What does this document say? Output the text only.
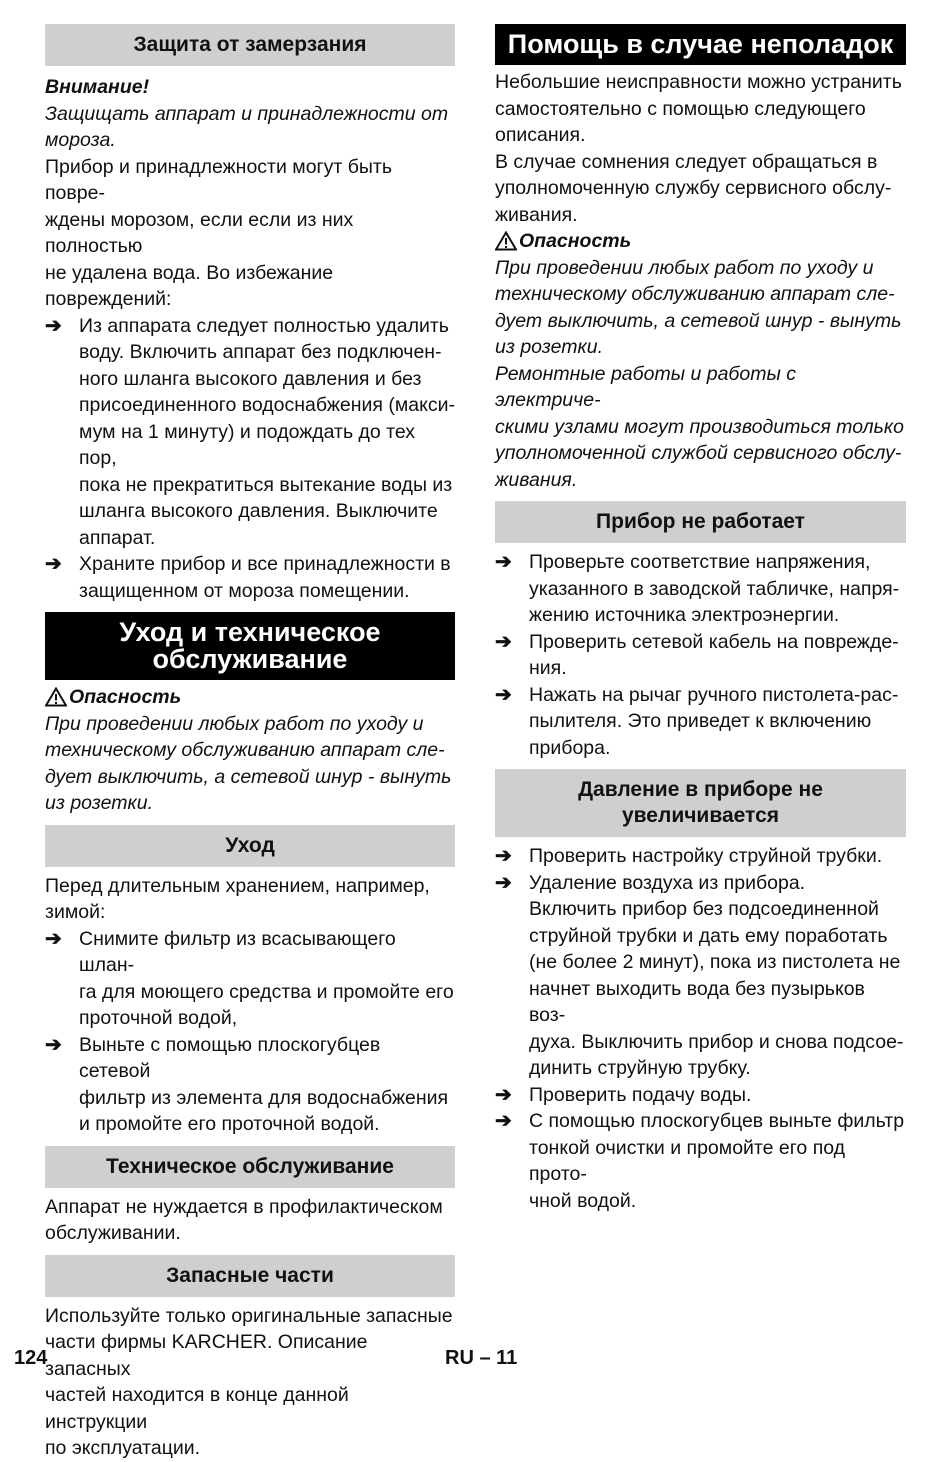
Защита от замерзания

Внимание!

Защищать аппарат и принадлежности от

мороза.

Прибор и принадлежности могут быть повре-

ждены морозом, если если из них полностью

не удалена вода. Во избежание повреждений:

➔ Из аппарата следует полностью удалить

воду. Включить аппарат без подключен-

ного шланга высокого давления и без

присоединенного водоснабжения (макси-

мум на 1 минуту) и подождать до тех пор,

пока не прекратиться вытекание воды из

шланга высокого давления. Выключите

аппарат.

➔ Храните прибор и все принадлежности в

защищенном от мороза помещении.

Уход и техническое
обслуживание

Опасность

При проведении любых работ по уходу и

техническому обслуживанию аппарат сле-

дует выключить, а сетевой шнур - вынуть

из розетки.

Уход

Перед длительным хранением, например,

зимой:

➔ Снимите фильтр из всасывающего шлан-

га для моющего средства и промойте его

проточной водой,

➔ Выньте с помощью плоскогубцев сетевой

фильтр из элемента для водоснабжения

и промойте его проточной водой.

Техническое обслуживание

Аппарат не нуждается в профилактическом

обслуживании.

Запасные части

Используйте только оригинальные запасные

части фирмы KARCHER. Описание запасных

частей находится в конце данной инструкции

по эксплуатации.

Помощь в случае неполадок

Небольшие неисправности можно устранить

самостоятельно с помощью следующего

описания.

В случае сомнения следует обращаться в

уполномоченную службу сервисного обслу-

живания.

Опасность

При проведении любых работ по уходу и

техническому обслуживанию аппарат сле-

дует выключить, а сетевой шнур - вынуть

из розетки.

Ремонтные работы и работы с электриче-

скими узлами могут производиться только

уполномоченной службой сервисного обслу-

живания.

Прибор не работает
➔ Проверьте соответствие напряжения,

указанного в заводской табличке, напря-

жению источника электроэнергии.

➔ Проверить сетевой кабель на поврежде-

ния.

➔ Нажать на рычаг ручного пистолета-рас-

пылителя. Это приведет к включению

прибора.

Давление в приборе не
увеличивается
➔ Проверить настройку струйной трубки.

➔ Удаление воздуха из прибора.

Включить прибор без подсоединенной

струйной трубки и дать ему поработать

(не более 2 минут), пока из пистолета не

начнет выходить вода без пузырьков воз-

духа. Выключить прибор и снова подсое-

динить струйную трубку.

➔ Проверить подачу воды.

➔ С помощью плоскогубцев выньте фильтр

тонкой очистки и промойте его под прото-

чной водой.

124	RU – 11
